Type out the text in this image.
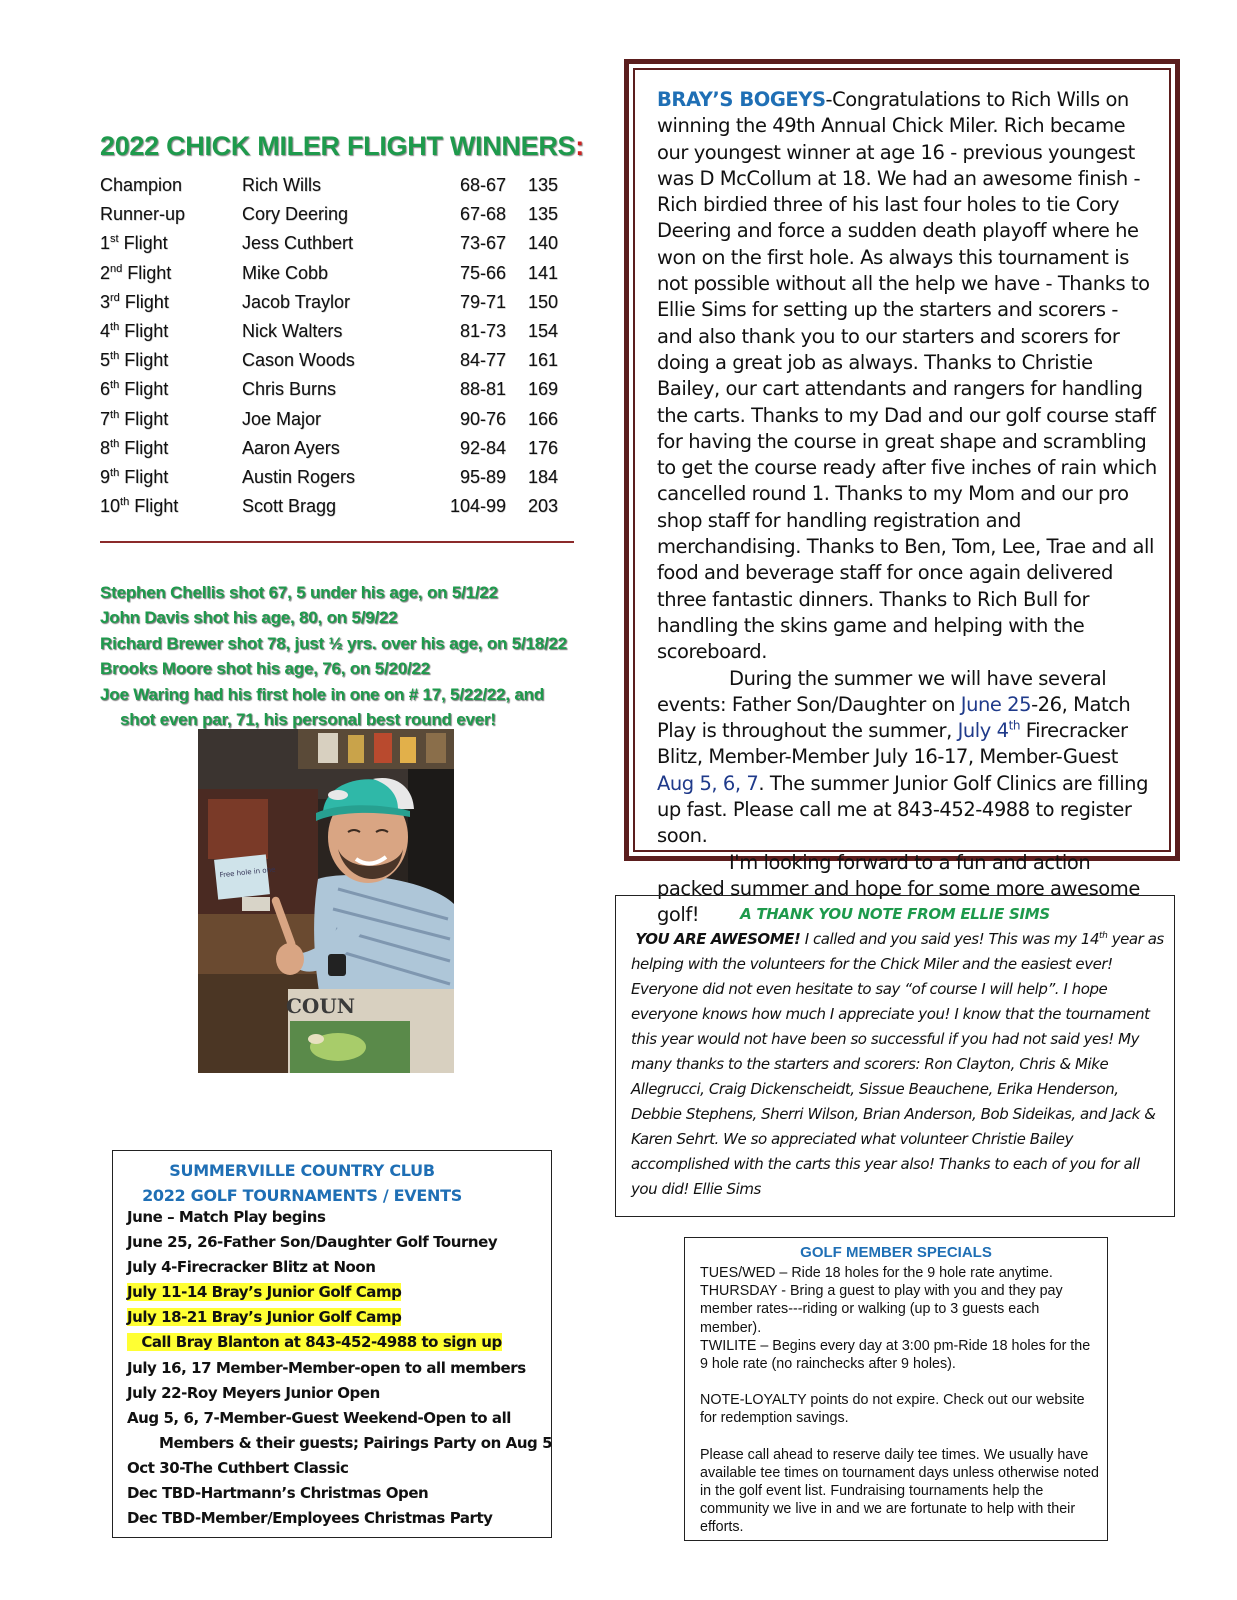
2022 CHICK MILER FLIGHT WINNERS:
Champion	Rich Wills	68-67	135
Runner-up	Cory Deering	67-68	135
1st Flight	Jess Cuthbert	73-67	140
2nd Flight	Mike Cobb	75-66	141
3rd Flight	Jacob Traylor	79-71	150
4th Flight	Nick Walters	81-73	154
5th Flight	Cason Woods	84-77	161
6th Flight	Chris Burns	88-81	169
7th Flight	Joe Major	90-76	166
8th Flight	Aaron Ayers	92-84	176
9th Flight	Austin Rogers	95-89	184
10th Flight	Scott Bragg	104-99	203
Stephen Chellis shot 67, 5 under his age, on 5/1/22
John Davis shot his age, 80, on 5/9/22
Richard Brewer shot 78, just ½ yrs. over his age, on 5/18/22
Brooks Moore shot his age, 76, on 5/20/22
Joe Waring had his first hole in one on # 17, 5/22/22, and
shot even par, 71, his personal best round ever!
Free hole in one
COUN
SUMMERVILLE COUNTRY CLUB
2022 GOLF TOURNAMENTS / EVENTS
June – Match Play begins
June 25, 26-Father Son/Daughter Golf Tourney
July 4-Firecracker Blitz at Noon
July 11-14 Bray’s Junior Golf Camp
July 18-21 Bray’s Junior Golf Camp
Call Bray Blanton at 843-452-4988 to sign up
July 16, 17 Member-Member-open to all members
July 22-Roy Meyers Junior Open
Aug 5, 6, 7-Member-Guest Weekend-Open to all
Members & their guests; Pairings Party on Aug 5
Oct 30-The Cuthbert Classic
Dec TBD-Hartmann’s Christmas Open
Dec TBD-Member/Employees Christmas Party

BRAY’S BOGEYS-Congratulations to Rich Wills on winning the 49th Annual Chick Miler. Rich became our youngest winner at age 16 - previous youngest was D McCollum at 18. We had an awesome finish - Rich birdied three of his last four holes to tie Cory Deering and force a sudden death playoff where he won on the first hole. As always this tournament is not possible without all the help we have - Thanks to Ellie Sims for setting up the starters and scorers - and also thank you to our starters and scorers for doing a great job as always. Thanks to Christie Bailey, our cart attendants and rangers for handling the carts. Thanks to my Dad and our golf course staff for having the course in great shape and scrambling to get the course ready after five inches of rain which cancelled round 1. Thanks to my Mom and our pro shop staff for handling registration and merchandising. Thanks to Ben, Tom, Lee, Trae and all food and beverage staff for once again delivered three fantastic dinners. Thanks to Rich Bull for handling the skins game and helping with the scoreboard.

During the summer we will have several events: Father Son/Daughter on June 25-26, Match Play is throughout the summer, July 4th Firecracker Blitz, Member-Member July 16-17, Member-Guest Aug 5, 6, 7. The summer Junior Golf Clinics are filling up fast. Please call me at 843-452-4988 to register soon.

I'm looking forward to a fun and action packed summer and hope for some more awesome golf!	A THANK YOU NOTE FROM ELLIE SIMS
YOU ARE AWESOME! I called and you said yes! This was my 14th year as helping with the volunteers for the Chick Miler and the easiest ever! Everyone did not even hesitate to say “of course I will help”. I hope everyone knows how much I appreciate you! I know that the tournament this year would not have been so successful if you had not said yes! My many thanks to the starters and scorers: Ron Clayton, Chris & Mike Allegrucci, Craig Dickenscheidt, Sissue Beauchene, Erika Henderson, Debbie Stephens, Sherri Wilson, Brian Anderson, Bob Sideikas, and Jack & Karen Sehrt. We so appreciated what volunteer Christie Bailey accomplished with the carts this year also! Thanks to each of you for all you did! Ellie Sims
GOLF MEMBER SPECIALS

TUES/WED – Ride 18 holes for the 9 hole rate anytime.

THURSDAY - Bring a guest to play with you and they pay member rates---riding or walking (up to 3 guests each member).

TWILITE – Begins every day at 3:00 pm-Ride 18 holes for the 9 hole rate (no rainchecks after 9 holes).

NOTE-LOYALTY points do not expire. Check out our website for redemption savings.

Please call ahead to reserve daily tee times. We usually have available tee times on tournament days unless otherwise noted in the golf event list. Fundraising tournaments help the community we live in and we are fortunate to help with their efforts.
